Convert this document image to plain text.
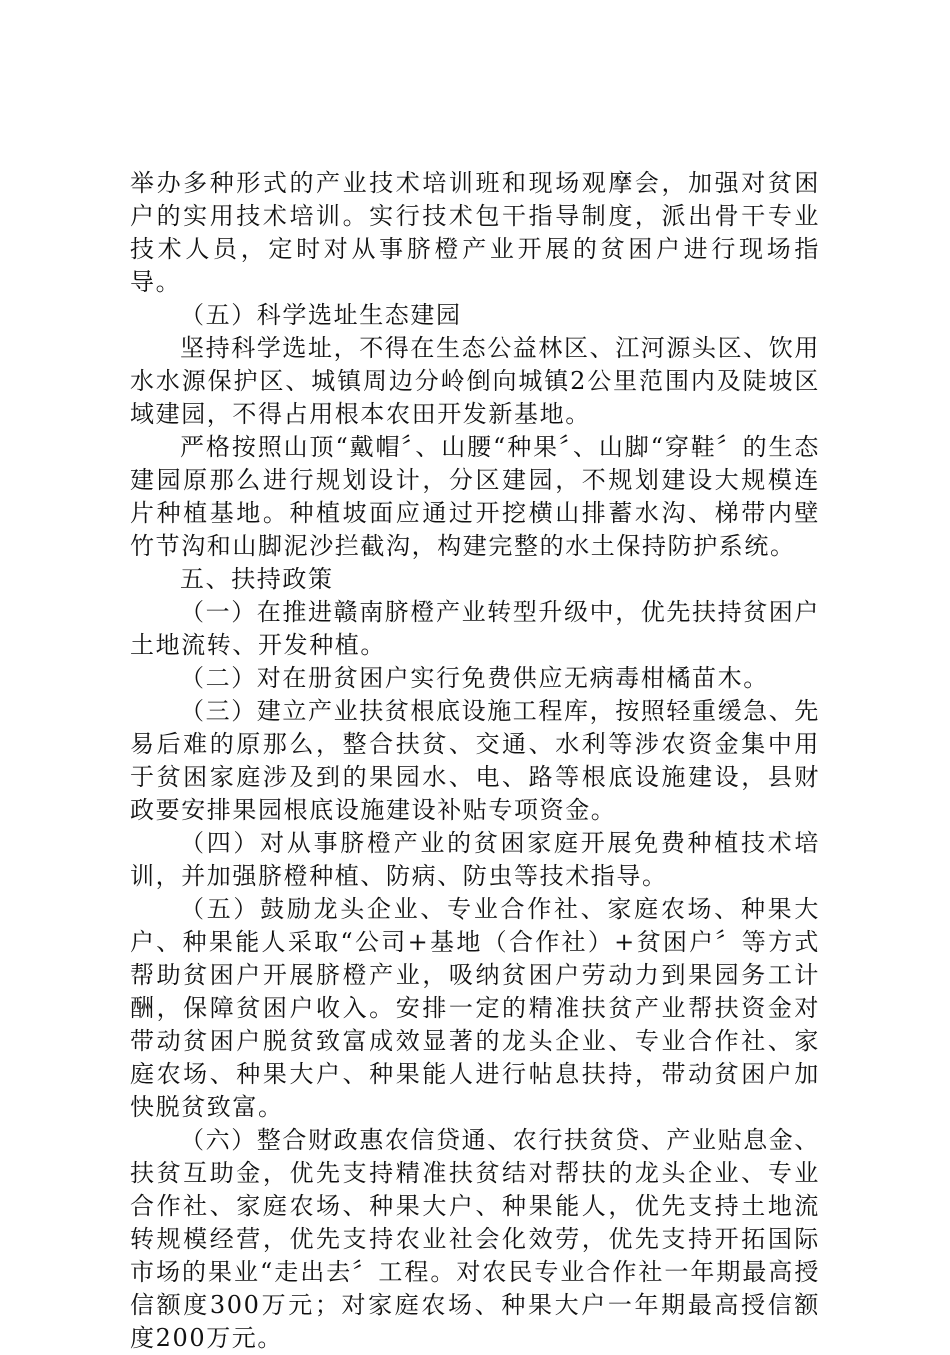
举办多种形式的产业技术培训班和现场观摩会，加强对贫困户的实用技术培训。实行技术包干指导制度，派出骨干专业技术人员，定时对从事脐橙产业开展的贫困户进行现场指导。

（五）科学选址生态建园

坚持科学选址，不得在生态公益林区、江河源头区、饮用水水源保护区、城镇周边分岭倒向城镇2公里范围内及陡坡区域建园，不得占用根本农田开发新基地。

严格按照山顶“戴帽〞、山腰“种果〞、山脚“穿鞋〞的生态建园原那么进行规划设计，分区建园，不规划建设大规模连片种植基地。种植坡面应通过开挖横山排蓄水沟、梯带内壁竹节沟和山脚泥沙拦截沟，构建完整的水土保持防护系统。

五、扶持政策

（一）在推进赣南脐橙产业转型升级中，优先扶持贫困户土地流转、开发种植。

（二）对在册贫困户实行免费供应无病毒柑橘苗木。

（三）建立产业扶贫根底设施工程库，按照轻重缓急、先易后难的原那么，整合扶贫、交通、水利等涉农资金集中用于贫困家庭涉及到的果园水、电、路等根底设施建设，县财政要安排果园根底设施建设补贴专项资金。

（四）对从事脐橙产业的贫困家庭开展免费种植技术培训，并加强脐橙种植、防病、防虫等技术指导。

（五）鼓励龙头企业、专业合作社、家庭农场、种果大户、种果能人采取“公司+基地（合作社）+贫困户〞等方式帮助贫困户开展脐橙产业，吸纳贫困户劳动力到果园务工计酬，保障贫困户收入。安排一定的精准扶贫产业帮扶资金对带动贫困户脱贫致富成效显著的龙头企业、专业合作社、家庭农场、种果大户、种果能人进行帖息扶持，带动贫困户加快脱贫致富。

（六）整合财政惠农信贷通、农行扶贫贷、产业贴息金、扶贫互助金，优先支持精准扶贫结对帮扶的龙头企业、专业合作社、家庭农场、种果大户、种果能人，优先支持土地流转规模经营，优先支持农业社会化效劳，优先支持开拓国际市场的果业“走出去〞工程。对农民专业合作社一年期最高授信额度300万元；对家庭农场、种果大户一年期最高授信额度200万元。
